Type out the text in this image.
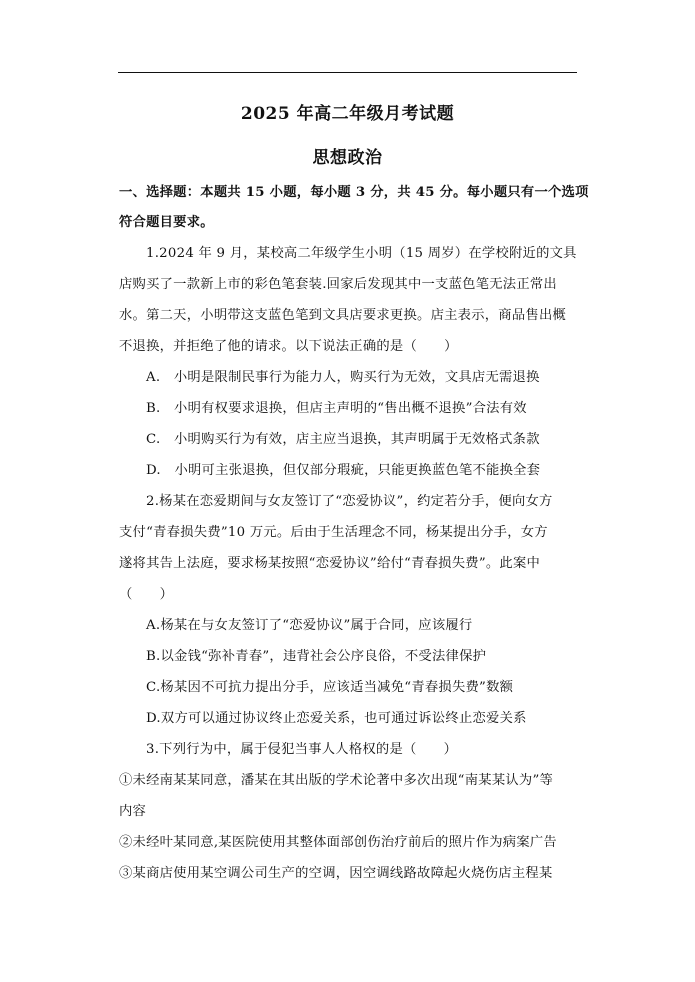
2025 年高二年级月考试题
思想政治
一、选择题：本题共 15 小题，每小题 3 分，共 45 分。每小题只有一个选项
符合题目要求。
1.2024 年 9 月，某校高二年级学生小明（15 周岁）在学校附近的文具
店购买了一款新上市的彩色笔套装.回家后发现其中一支蓝色笔无法正常出
水。第二天，小明带这支蓝色笔到文具店要求更换。店主表示，商品售出概
不退换，并拒绝了他的请求。以下说法正确的是（　　）
A.　小明是限制民事行为能力人，购买行为无效，文具店无需退换
B.　小明有权要求退换，但店主声明的“售出概不退换”合法有效
C.　小明购买行为有效，店主应当退换，其声明属于无效格式条款
D.　小明可主张退换，但仅部分瑕疵，只能更换蓝色笔不能换全套
2.杨某在恋爱期间与女友签订了“恋爱协议”，约定若分手，便向女方
支付“青春损失费”10 万元。后由于生活理念不同，杨某提出分手，女方
遂将其告上法庭，要求杨某按照“恋爱协议”给付“青春损失费”。此案中
（　　）
A.杨某在与女友签订了“恋爱协议”属于合同，应该履行
B.以金钱“弥补青春”，违背社会公序良俗，不受法律保护
C.杨某因不可抗力提出分手，应该适当减免“青春损失费”数额
D.双方可以通过协议终止恋爱关系，也可通过诉讼终止恋爱关系
3.下列行为中，属于侵犯当事人人格权的是（　　）
①未经南某某同意，潘某在其出版的学术论著中多次出现“南某某认为”等
内容
②未经叶某同意,某医院使用其整体面部创伤治疗前后的照片作为病案广告
③某商店使用某空调公司生产的空调，因空调线路故障起火烧伤店主程某
